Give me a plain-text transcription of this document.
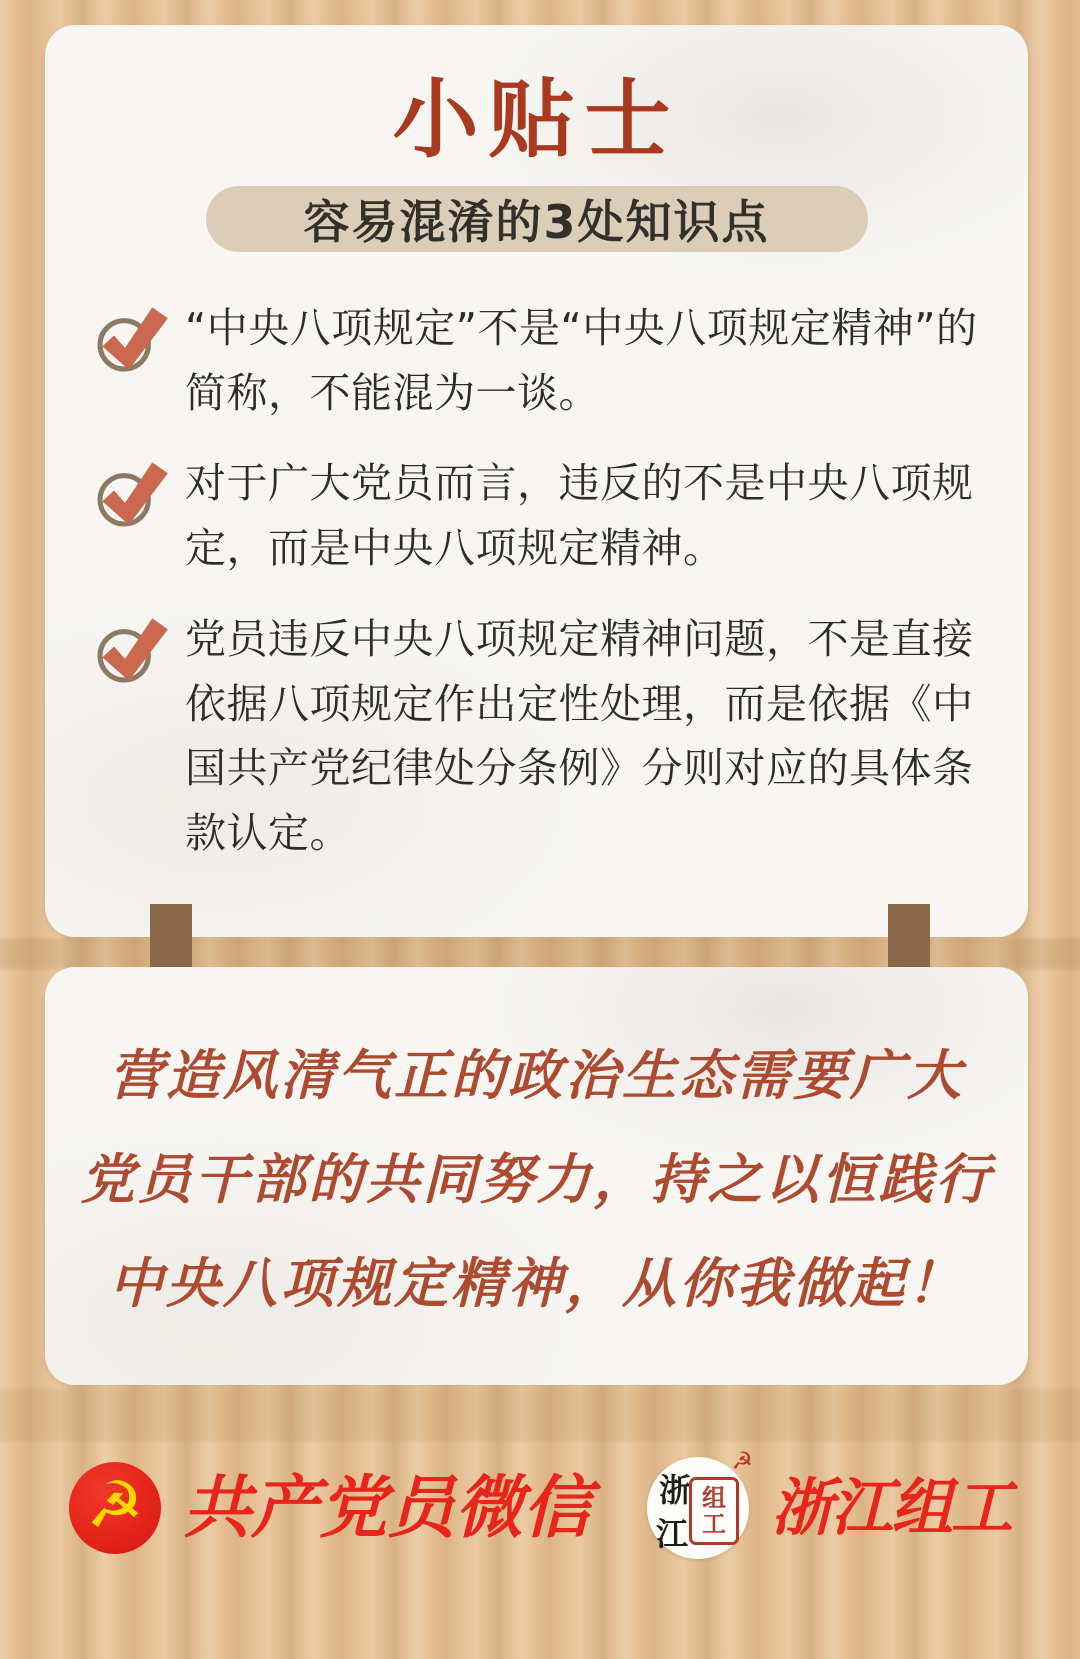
小贴士
容易混淆的3处知识点
“中央八项规定”不是“中央八项规定精神”的简称，不能混为一谈。
对于广大党员而言，违反的不是中央八项规定，而是中央八项规定精神。
党员违反中央八项规定精神问题，不是直接依据八项规定作出定性处理，而是依据《中国共产党纪律处分条例》分则对应的具体条款认定。
营造风清气正的政治生态需要广大
党员干部的共同努力，持之以恒践行
中央八项规定精神，从你我做起！
☭ 共产党员微信 浙
江
☭
组
工 浙江组工
